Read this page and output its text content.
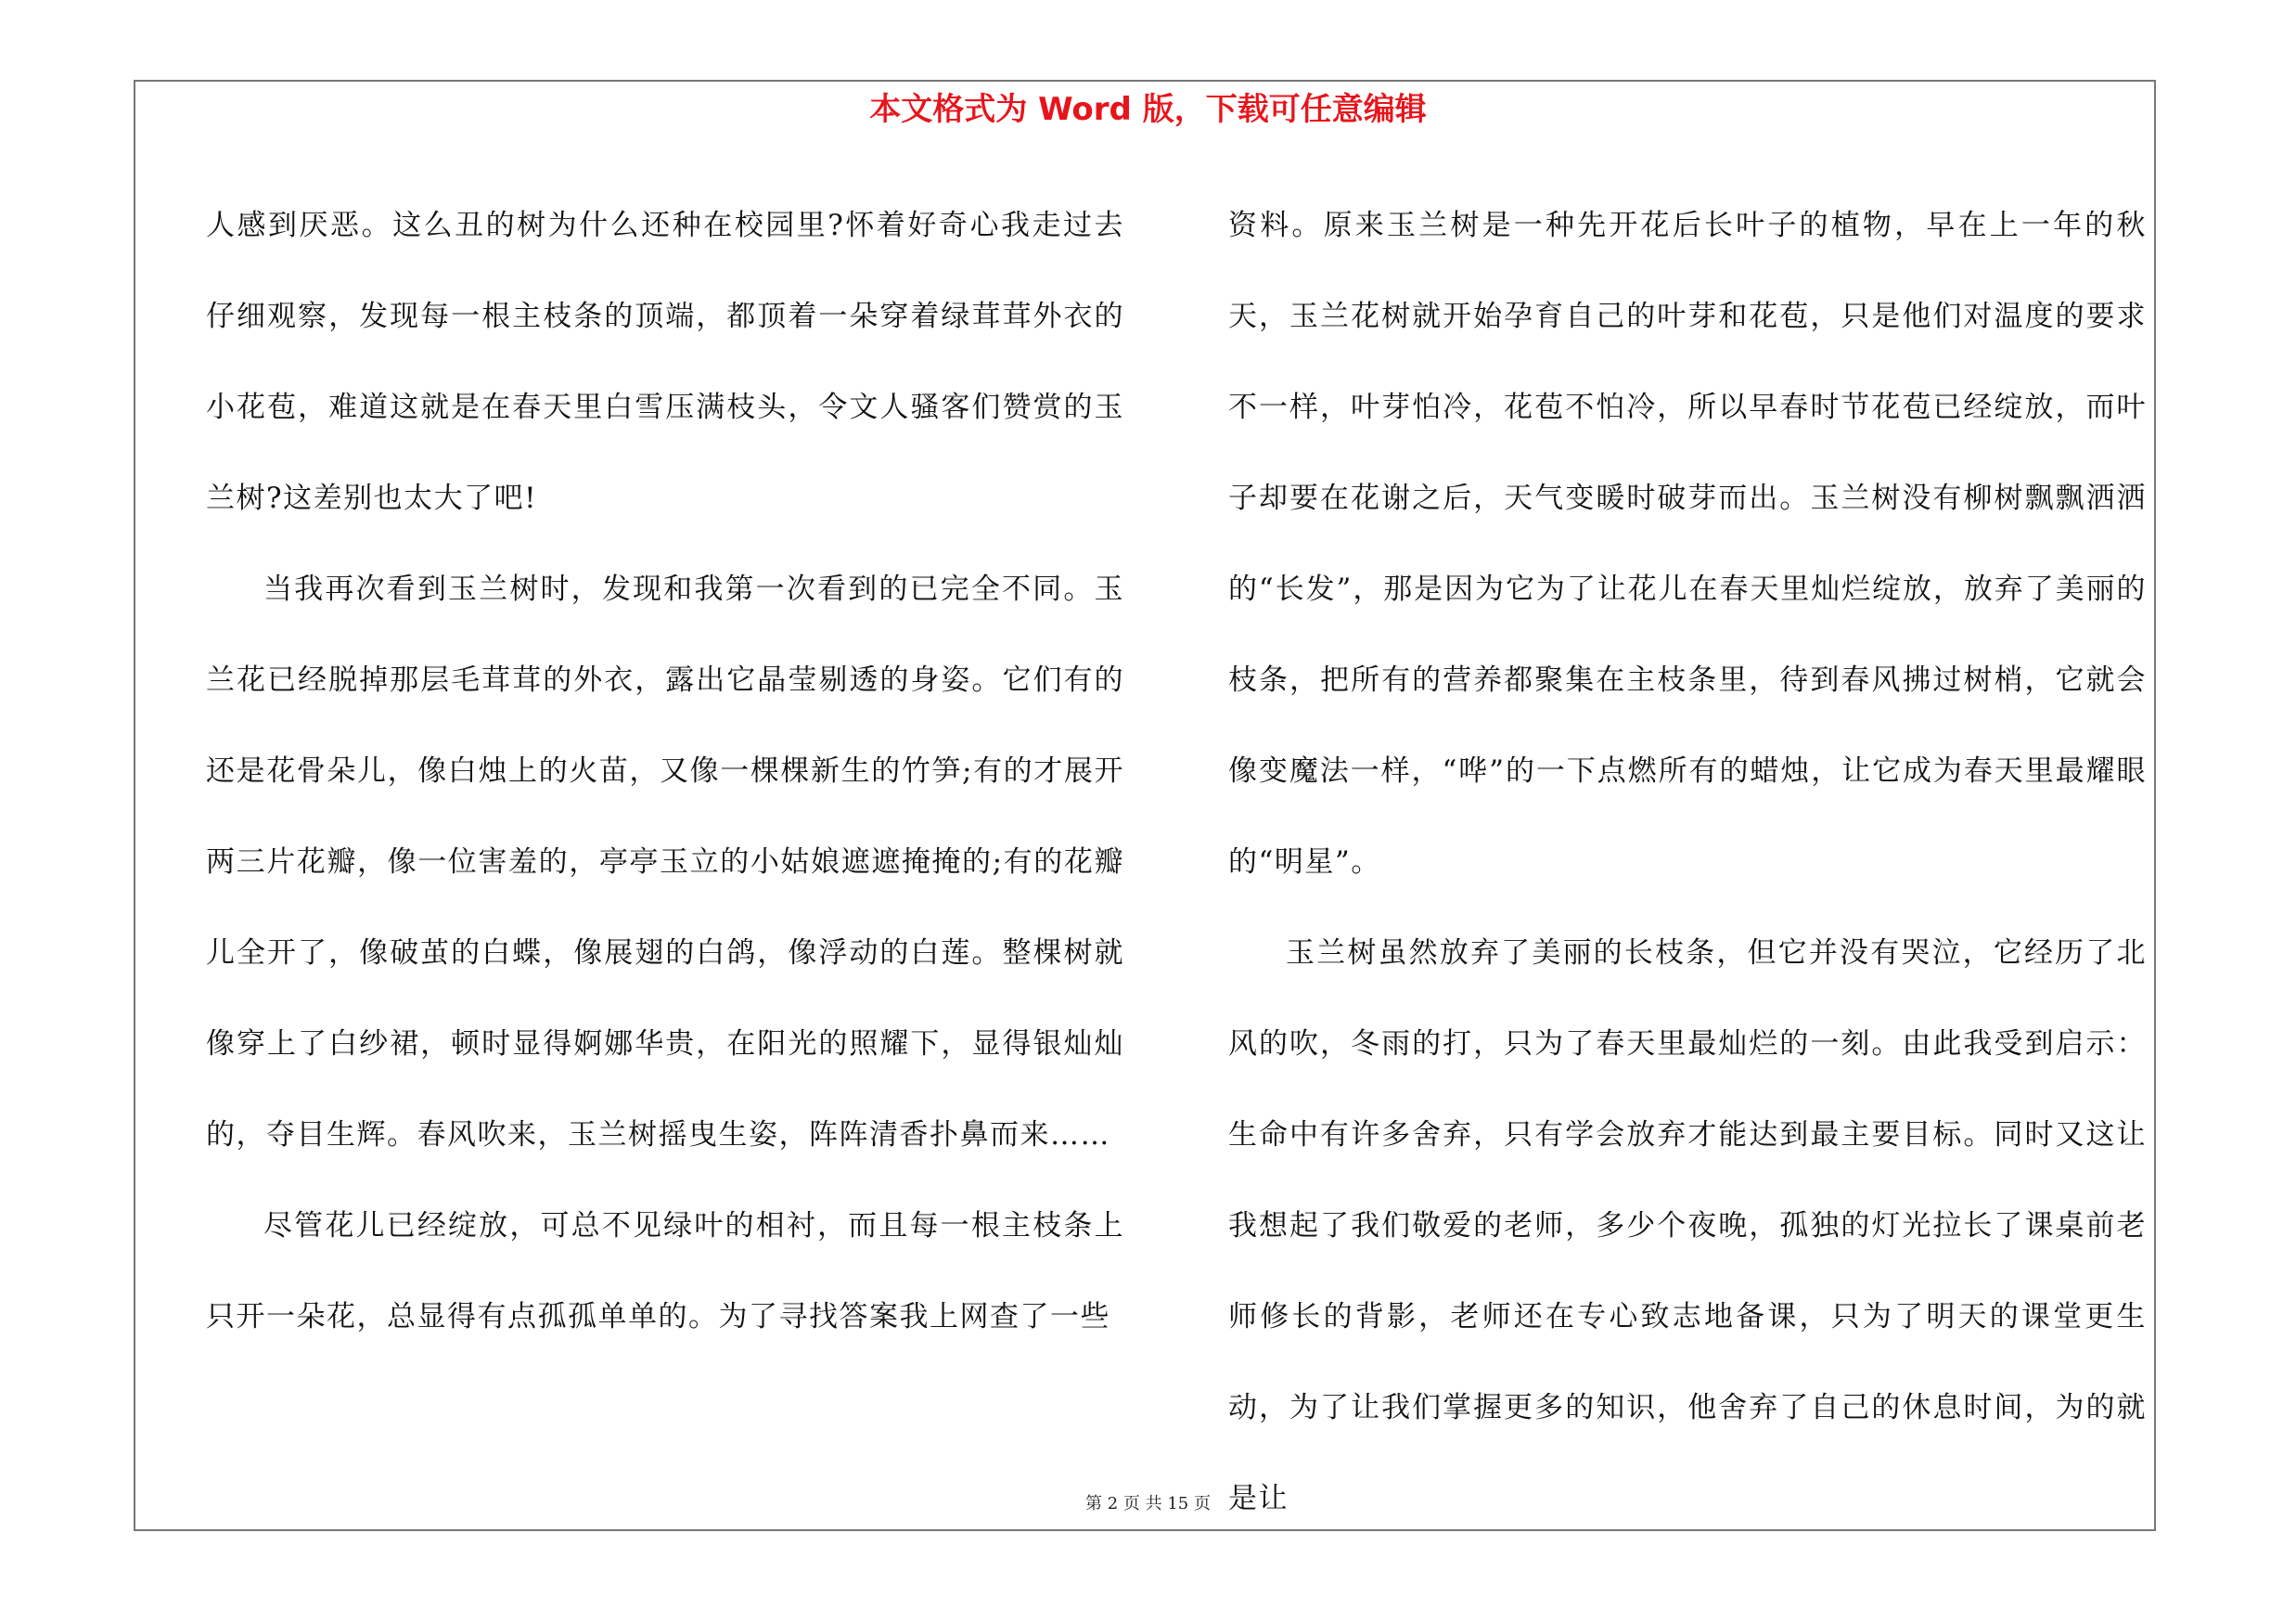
本文格式为 Word 版，下载可任意编辑

人感到厌恶。这么丑的树为什么还种在校园里?怀着好奇心我走过去仔细观察，发现每一根主枝条的顶端，都顶着一朵穿着绿茸茸外衣的小花苞，难道这就是在春天里白雪压满枝头，令文人骚客们赞赏的玉兰树?这差别也太大了吧!

当我再次看到玉兰树时，发现和我第一次看到的已完全不同。玉兰花已经脱掉那层毛茸茸的外衣，露出它晶莹剔透的身姿。它们有的还是花骨朵儿，像白烛上的火苗，又像一棵棵新生的竹笋;有的才展开两三片花瓣，像一位害羞的，亭亭玉立的小姑娘遮遮掩掩的;有的花瓣儿全开了，像破茧的白蝶，像展翅的白鸽，像浮动的白莲。整棵树就像穿上了白纱裙，顿时显得婀娜华贵，在阳光的照耀下，显得银灿灿的，夺目生辉。春风吹来，玉兰树摇曳生姿，阵阵清香扑鼻而来……

尽管花儿已经绽放，可总不见绿叶的相衬，而且每一根主枝条上只开一朵花，总显得有点孤孤单单的。为了寻找答案我上网查了一些

资料。原来玉兰树是一种先开花后长叶子的植物，早在上一年的秋天，玉兰花树就开始孕育自己的叶芽和花苞，只是他们对温度的要求不一样，叶芽怕冷，花苞不怕冷，所以早春时节花苞已经绽放，而叶子却要在花谢之后，天气变暖时破芽而出。玉兰树没有柳树飘飘洒洒的“长发”，那是因为它为了让花儿在春天里灿烂绽放，放弃了美丽的枝条，把所有的营养都聚集在主枝条里，待到春风拂过树梢，它就会像变魔法一样，“哗”的一下点燃所有的蜡烛，让它成为春天里最耀眼的“明星”。

玉兰树虽然放弃了美丽的长枝条，但它并没有哭泣，它经历了北风的吹，冬雨的打，只为了春天里最灿烂的一刻。由此我受到启示：生命中有许多舍弃，只有学会放弃才能达到最主要目标。同时又这让我想起了我们敬爱的老师，多少个夜晚，孤独的灯光拉长了课桌前老师修长的背影，老师还在专心致志地备课，只为了明天的课堂更生动，为了让我们掌握更多的知识，他舍弃了自己的休息时间，为的就是让

第 2 页 共 15 页
